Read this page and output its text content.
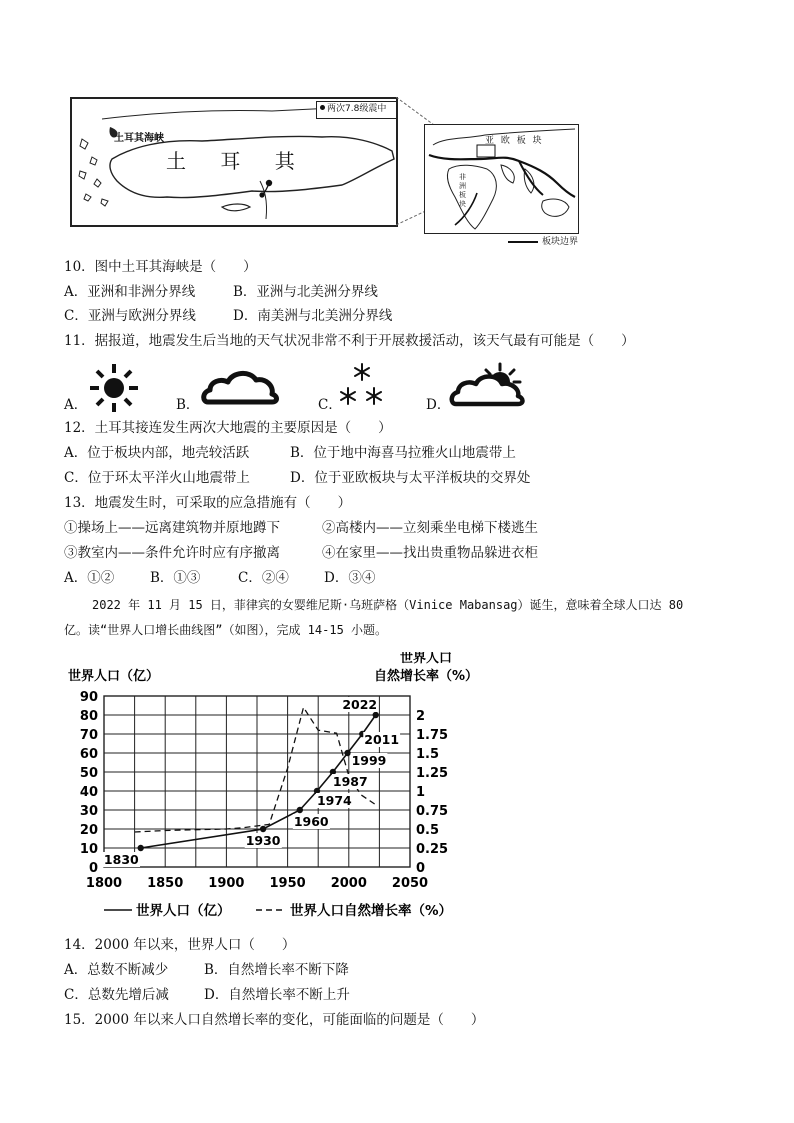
两次7.8级震中
土耳其海峡
土 耳 其
亚 欧 板 块
非洲板块
板块边界
10．图中土耳其海峡是（　　）
A．亚洲和非洲分界线	B．亚洲与北美洲分界线
C．亚洲与欧洲分界线	D．南美洲与北美洲分界线
11．据报道，地震发生后当地的天气状况非常不利于开展救援活动，该天气最有可能是（　　）
A．	B．	C．	D．
12．土耳其接连发生两次大地震的主要原因是（　　）
A．位于板块内部，地壳较活跃	B．位于地中海喜马拉雅火山地震带上
C．位于环太平洋火山地震带上	D．位于亚欧板块与太平洋板块的交界处
13．地震发生时，可采取的应急措施有（　　）
①操场上——远离建筑物并原地蹲下	②高楼内——立刻乘坐电梯下楼逃生
③教室内——条件允许时应有序撤离	④在家里——找出贵重物品躲进衣柜
A．①②	B．①③	C．②④	D．③④
2022 年 11 月 15 日，菲律宾的女婴维尼斯·乌班萨格（Vinice Mabansag）诞生，意味着全球人口达 80
亿。读“世界人口增长曲线图”（如图），完成 14-15 小题。
0
10
20
30
40
50
60
70
80
90
1800 1850 1900 1950 2000 2050
0.25
0.5
0.75
1
1.25
1.5
1.75
2
0
世界人口（亿）
世界人口
自然增长率（%）
1830
1930
1960
1974
1987
1999
2011
2022
世界人口（亿）	世界人口自然增长率（%）
14．2000 年以来，世界人口（　　）
A．总数不断减少	B．自然增长率不断下降
C．总数先增后减	D．自然增长率不断上升
15．2000 年以来人口自然增长率的变化，可能面临的问题是（　　）
